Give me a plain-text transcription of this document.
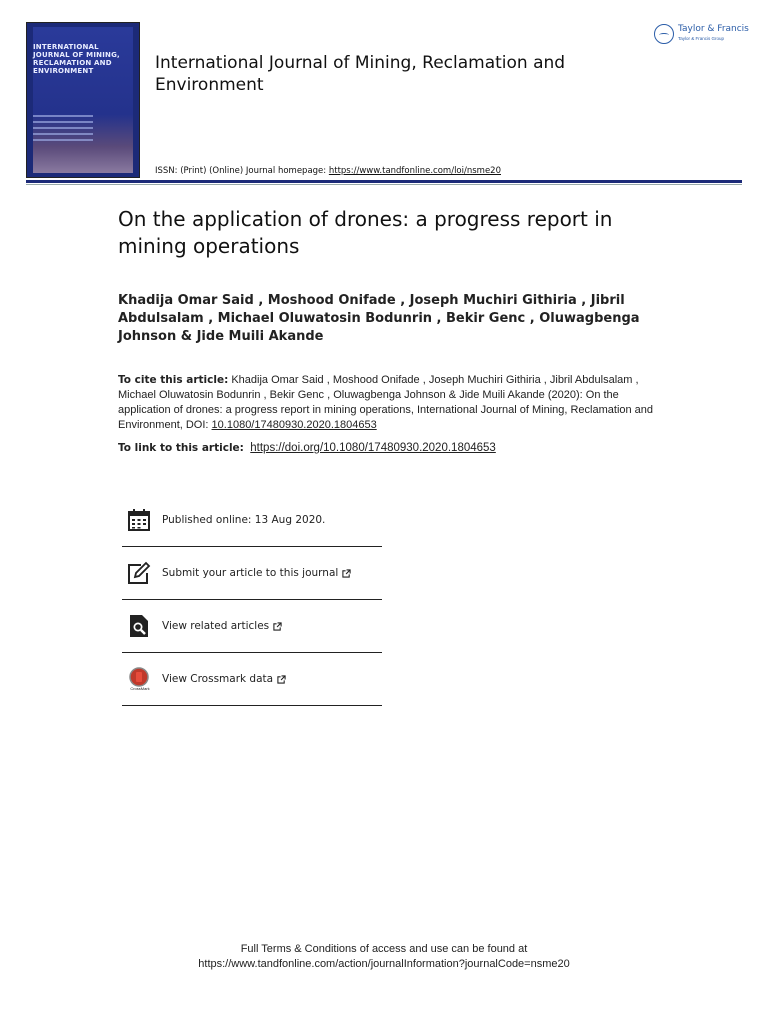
INTERNATIONAL JOURNAL OF MINING, RECLAMATION AND ENVIRONMENT	International Journal of Mining, Reclamation and Environment
ISSN: (Print) (Online) Journal homepage: https://www.tandfonline.com/loi/nsme20
Taylor & Francis
Taylor & Francis Group
On the application of drones: a progress report in mining operations
Khadija Omar Said , Moshood Onifade , Joseph Muchiri Githiria , Jibril Abdulsalam , Michael Oluwatosin Bodunrin , Bekir Genc , Oluwagbenga Johnson & Jide Muili Akande
To cite this article: Khadija Omar Said , Moshood Onifade , Joseph Muchiri Githiria , Jibril Abdulsalam , Michael Oluwatosin Bodunrin , Bekir Genc , Oluwagbenga Johnson & Jide Muili Akande (2020): On the application of drones: a progress report in mining operations, International Journal of Mining, Reclamation and Environment, DOI: 10.1080/17480930.2020.1804653
To link to this article: https://doi.org/10.1080/17480930.2020.1804653
Published online: 13 Aug 2020.
Submit your article to this journal
View related articles
CrossMark
View Crossmark data
Full Terms & Conditions of access and use can be found at
https://www.tandfonline.com/action/journalInformation?journalCode=nsme20
